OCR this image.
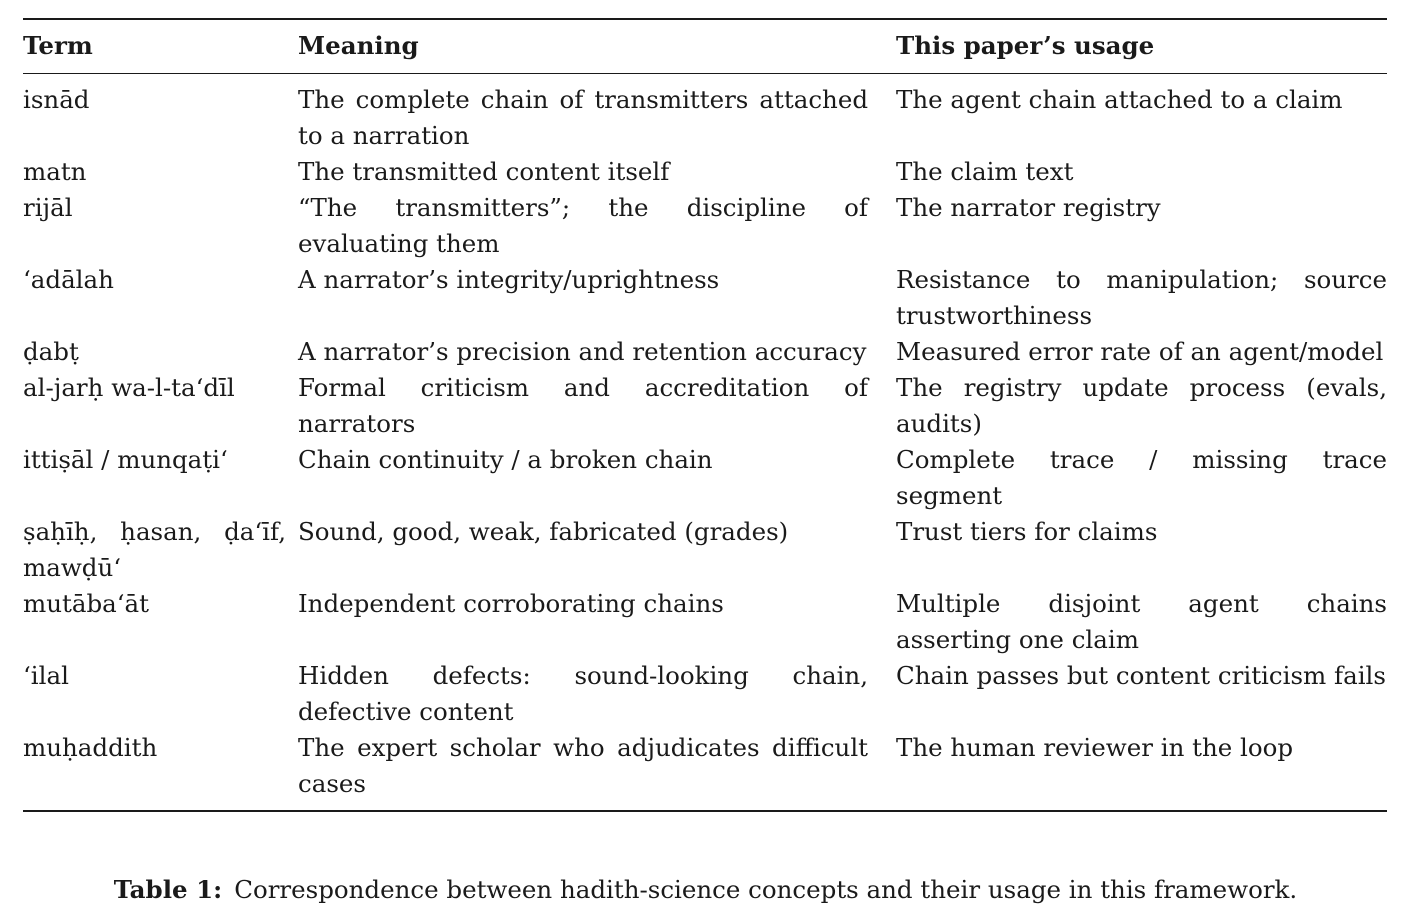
Term	Meaning	This paper’s usage
isnād	The complete chain of transmitters attached to a narration	The agent chain attached to a claim
matn	The transmitted content itself	The claim text
rijāl	“The transmitters”; the discipline of evaluating them	The narrator registry
‘adālah	A narrator’s integrity/uprightness	Resistance to manipulation; source trustworthiness
ḍabṭ	A narrator’s precision and retention accuracy	Measured error rate of an agent/model
al-jarḥ wa-l-ta‘dīl	Formal criticism and accreditation of narrators	The registry update process (evals, audits)
ittiṣāl / munqaṭi‘	Chain continuity / a broken chain	Complete trace / missing trace segment
ṣaḥīḥ, ḥasan, ḍa‘īf, mawḍū‘	Sound, good, weak, fabricated (grades)	Trust tiers for claims
mutāba‘āt	Independent corroborating chains	Multiple disjoint agent chains asserting one claim
‘ilal	Hidden defects: sound-looking chain, defective content	Chain passes but content criticism fails
muḥaddith	The expert scholar who adjudicates difficult cases	The human reviewer in the loop
Table 1: Correspondence between hadith-science concepts and their usage in this framework.
